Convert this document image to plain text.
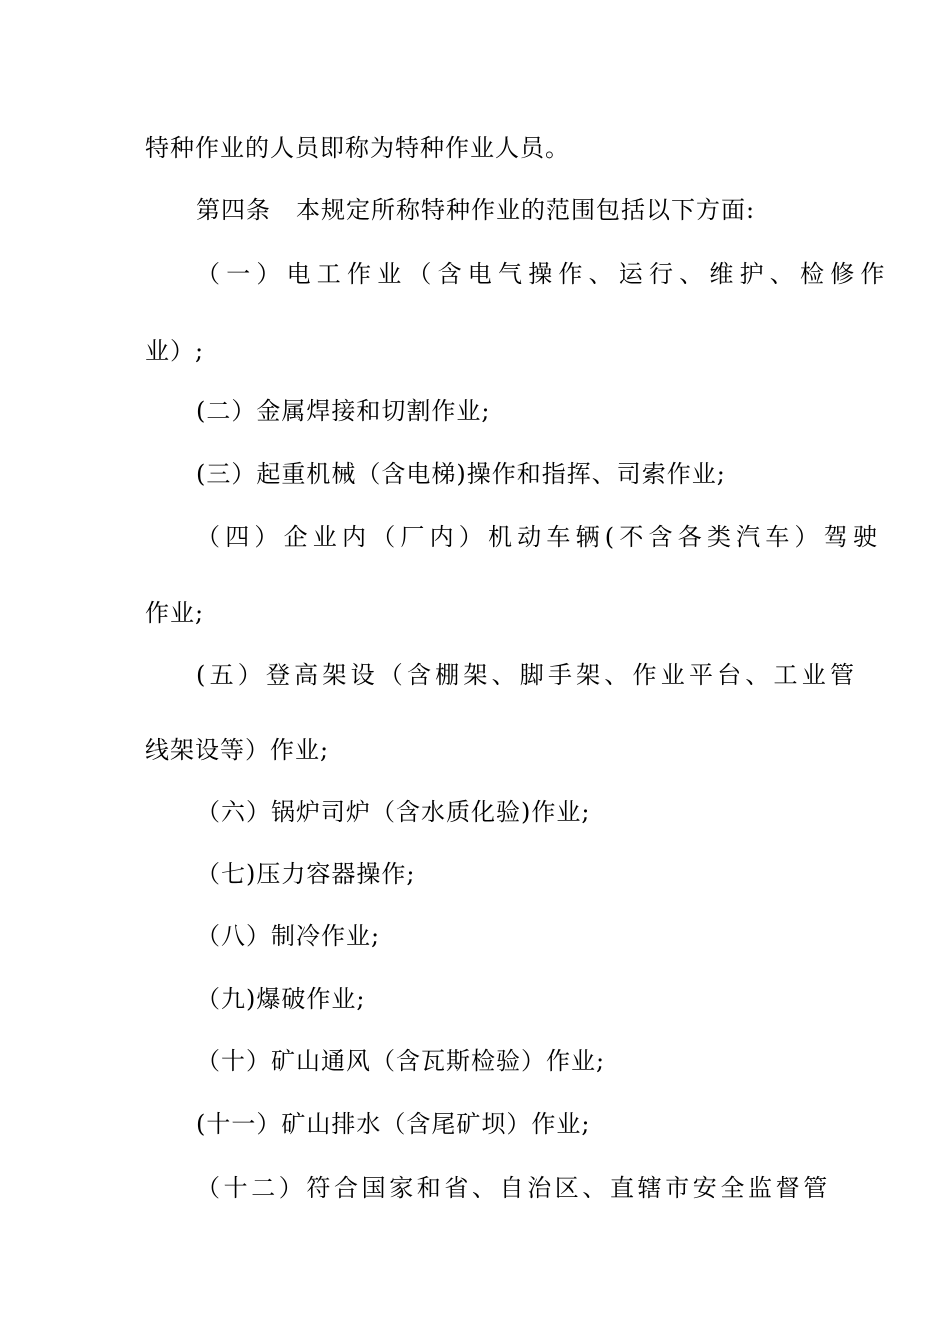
特种作业的人员即称为特种作业人员。
第四条　本规定所称特种作业的范围包括以下方面:
（一）电工作业（含电气操作、运行、维护、检修作
业）;
(二）金属焊接和切割作业;
(三）起重机械（含电梯)操作和指挥、司索作业;
（四）企业内（厂内）机动车辆(不含各类汽车）驾驶
作业;
(五）登高架设（含棚架、脚手架、作业平台、工业管
线架设等）作业;
（六）锅炉司炉（含水质化验)作业;
（七)压力容器操作;
（八）制冷作业;
（九)爆破作业;
（十）矿山通风（含瓦斯检验）作业;
(十一）矿山排水（含尾矿坝）作业;
（十二）符合国家和省、自治区、直辖市安全监督管
